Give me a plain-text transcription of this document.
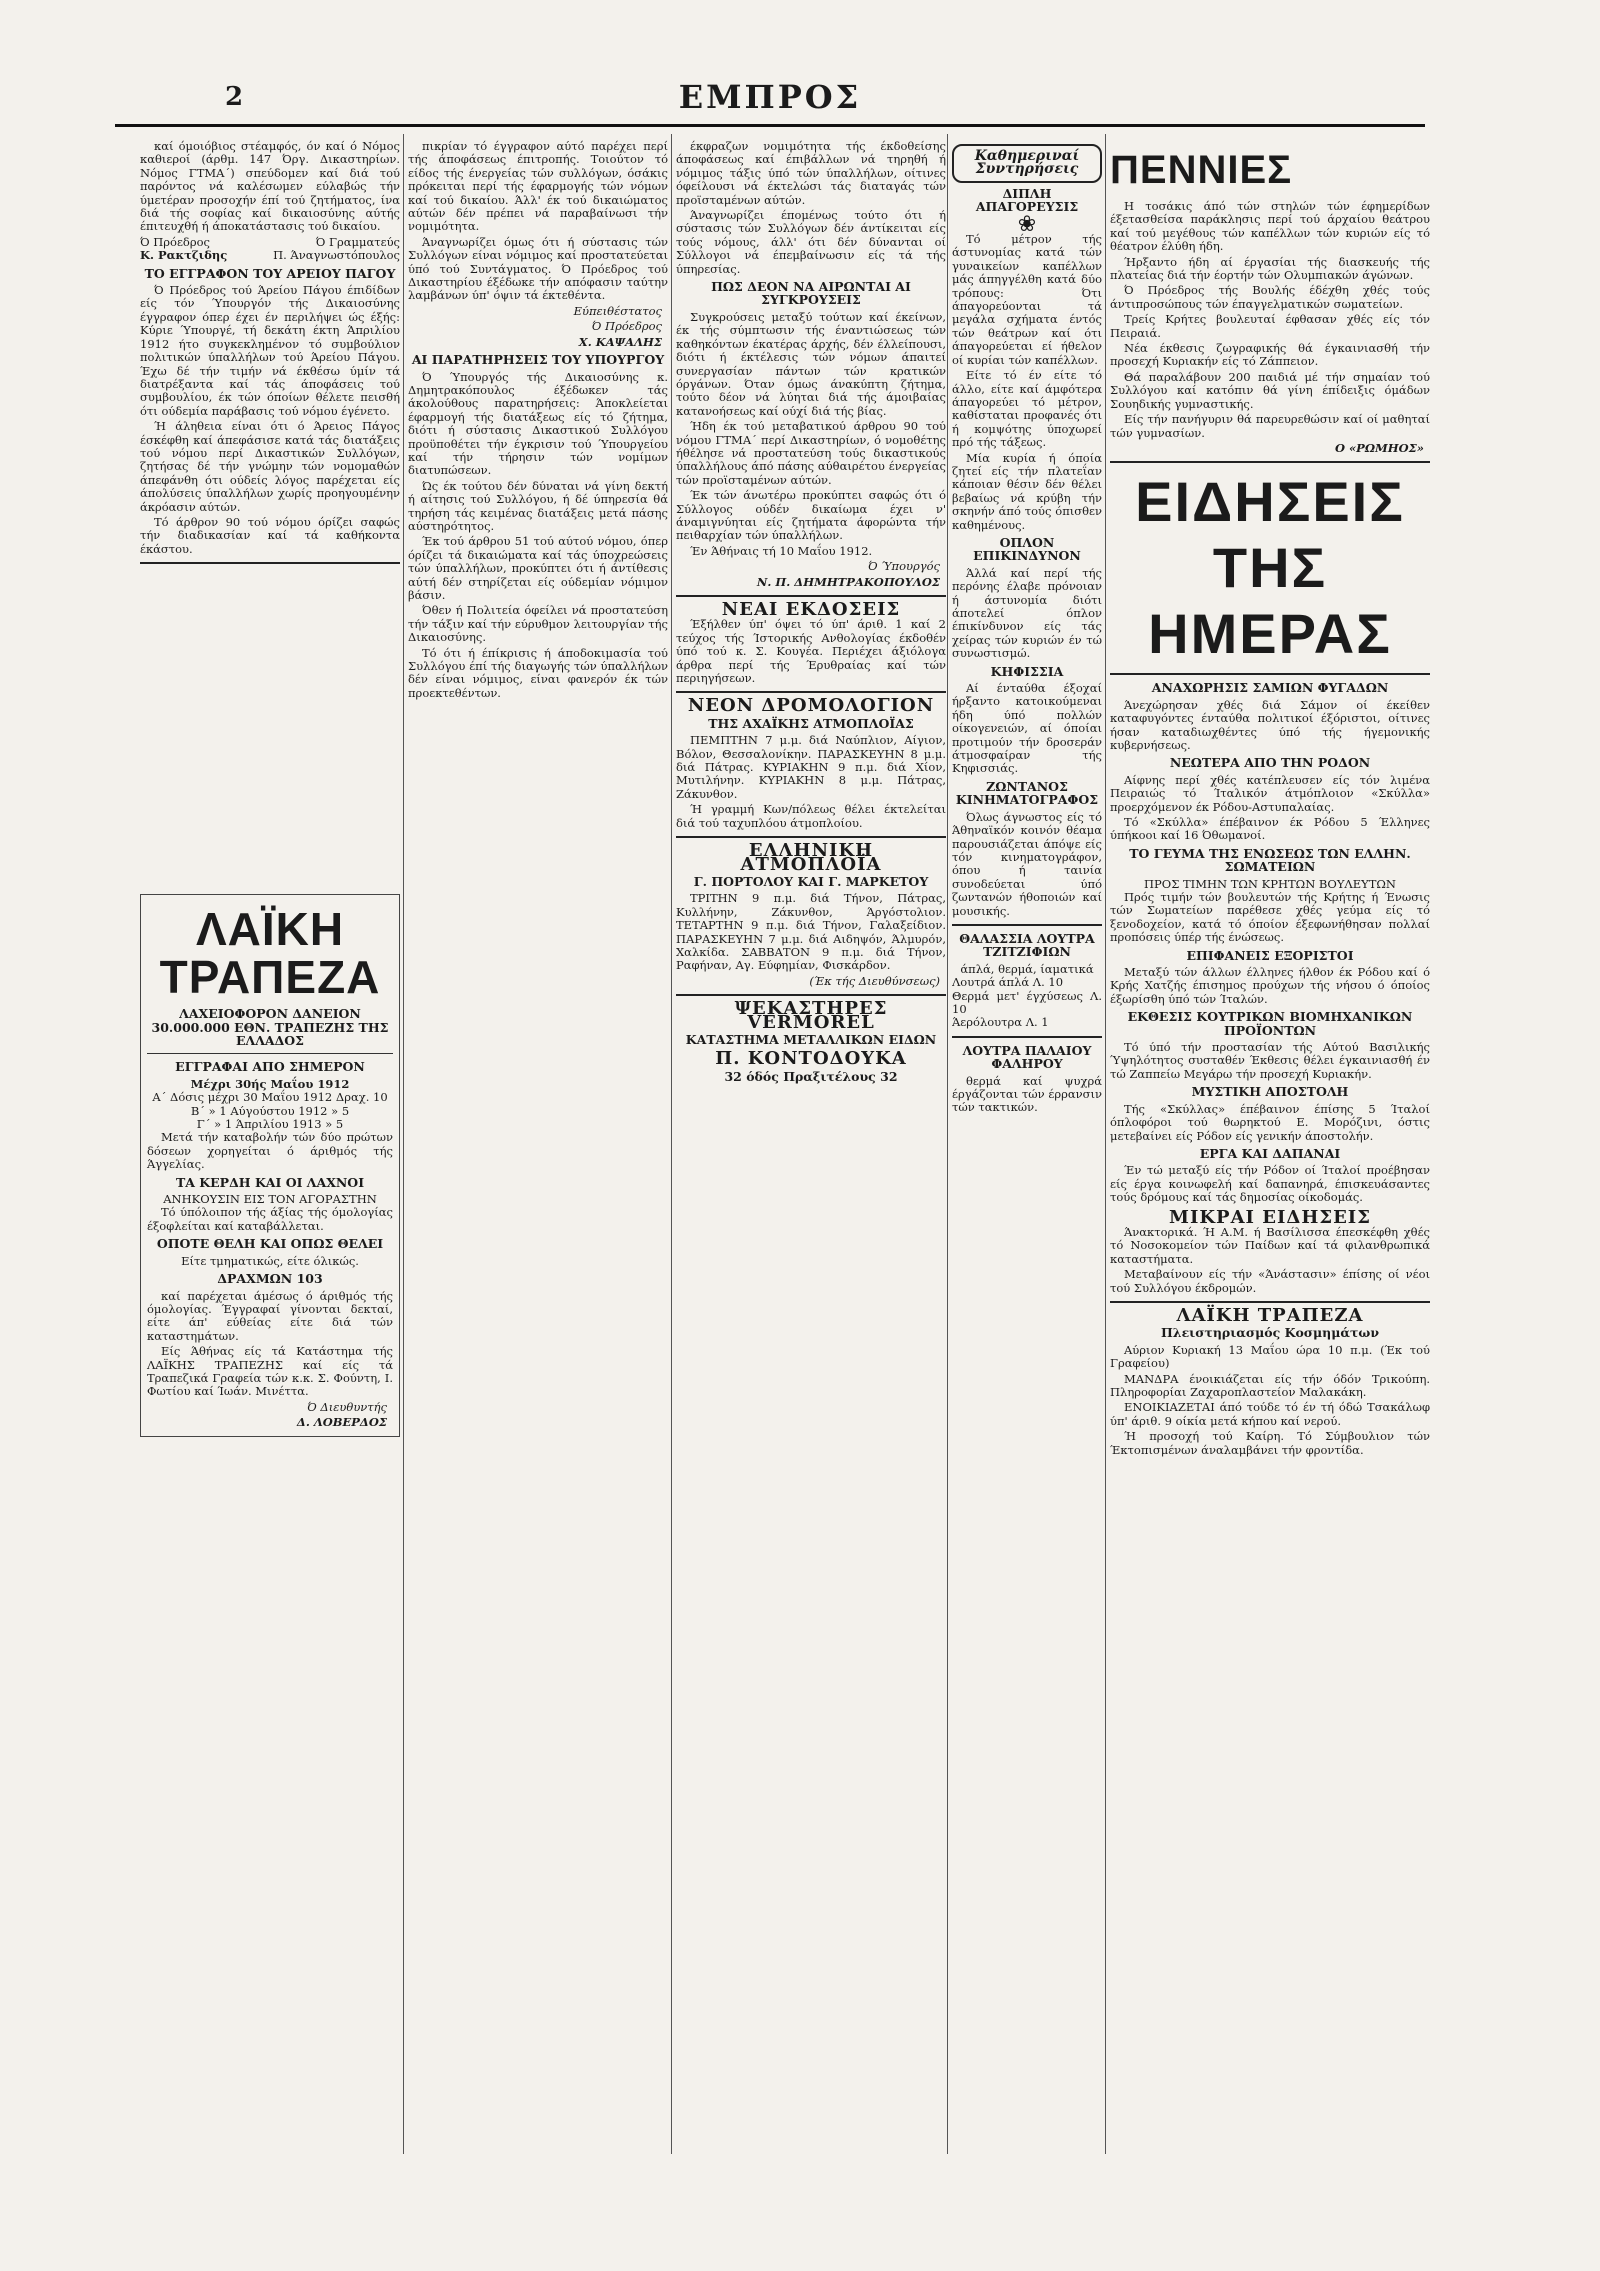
2	ΕΜΠΡΟΣ

καί όμοιόβιος στέαμφός, όν καί ό Νόμος καθιεροί (άρθμ. 147 Όργ. Δικαστηρίων. Νόμος ΓΤΜΑ΄) σπεύδομεν καί διά τού παρόντος νά καλέσωμεν εύλαβώς τήν ύμετέραν προσοχήν έπί τού ζητήματος, ίνα διά τής σοφίας καί δικαιοσύνης αύτής έπιτευχθή ή άποκατάστασις τού δικαίου.

Ό Πρόεδρος	Ό Γραμματεύς
Κ. Ρακτζιδης	Π. Άναγνωστόπουλος
ΤΟ ΕΓΓΡΑΦΟΝ ΤΟΥ ΑΡΕΙΟΥ ΠΑΓΟΥ

Ό Πρόεδρος τού Άρείου Πάγου έπιδίδων είς τόν Ύπουργόν τής Δικαιοσύνης έγγραφον όπερ έχει έν περιλήψει ώς έξής: Κύριε Ύπουργέ, τή δεκάτη έκτη Άπριλίου 1912 ήτο συγκεκλημένον τό συμβούλιον πολιτικών ύπαλλήλων τού Άρείου Πάγου. Έχω δέ τήν τιμήν νά έκθέσω ύμίν τά διατρέξαντα καί τάς άποφάσεις τού συμβουλίου, έκ τών όποίων θέλετε πεισθή ότι ούδεμία παράβασις τού νόμου έγένετο.

Ή άληθεια είναι ότι ό Άρειος Πάγος έσκέφθη καί άπεφάσισε κατά τάς διατάξεις τού νόμου περί Δικαστικών Συλλόγων, ζητήσας δέ τήν γνώμην τών νομομαθών άπεφάνθη ότι ούδείς λόγος παρέχεται είς άπολύσεις ύπαλλήλων χωρίς προηγουμένην άκρόασιν αύτών.

Τό άρθρον 90 τού νόμου όρίζει σαφώς τήν διαδικασίαν καί τά καθήκοντα έκάστου.

ΛΑΪΚΗ ΤΡΑΠΕΖΑ
ΛΑΧΕΙΟΦΟΡΟΝ ΔΑΝΕΙΟΝ 30.000.000 ΕΘΝ. ΤΡΑΠΕΖΗΣ ΤΗΣ ΕΛΛΑΔΟΣ
ΕΓΓΡΑΦΑΙ ΑΠΟ ΣΗΜΕΡΟΝ
Μέχρι 30ής Μαΐου 1912
Α΄ Δόσις μέχρι 30 Μαΐου 1912 Δραχ. 10
Β΄ » 1 Αύγούστου 1912 » 5
Γ΄ » 1 Άπριλίου 1913 » 5

Μετά τήν καταβολήν τών δύο πρώτων δόσεων χορηγείται ό άριθμός τής Άγγελίας.

ΤΑ ΚΕΡΔΗ ΚΑΙ ΟΙ ΛΑΧΝΟΙ
ΑΝΗΚΟΥΣΙΝ ΕΙΣ ΤΟΝ ΑΓΟΡΑΣΤΗΝ

Τό ύπόλοιπον τής άξίας τής όμολογίας έξοφλείται καί καταβάλλεται.

ΟΠΟΤΕ ΘΕΛΗ ΚΑΙ ΟΠΩΣ ΘΕΛΕΙ
Είτε τμηματικώς, είτε όλικώς.
ΔΡΑΧΜΩΝ 103

καί παρέχεται άμέσως ό άριθμός τής όμολογίας. Έγγραφαί γίνονται δεκταί, είτε άπ' εύθείας είτε διά τών καταστημάτων.

Είς Άθήνας είς τά Κατάστημα τής ΛΑΪΚΗΣ ΤΡΑΠΕΖΗΣ καί είς τά Τραπεζικά Γραφεία τών κ.κ. Σ. Φούντη, Ι. Φωτίου καί Ίωάν. Μινέττα.

Ό Διευθυντής
Δ. ΛΟΒΕΡΔΟΣ

πικρίαν τό έγγραφον αύτό παρέχει περί τής άποφάσεως έπιτροπής. Τοιούτον τό είδος τής ένεργείας τών συλλόγων, όσάκις πρόκειται περί τής έφαρμογής τών νόμων καί τού δικαίου. Άλλ' έκ τού δικαιώματος αύτών δέν πρέπει νά παραβαίνωσι τήν νομιμότητα.

Άναγνωρίζει όμως ότι ή σύστασις τών Συλλόγων είναι νόμιμος καί προστατεύεται ύπό τού Συντάγματος. Ό Πρόεδρος τού Δικαστηρίου έξέδωκε τήν απόφασιν ταύτην λαμβάνων ύπ' όψιν τά έκτεθέντα.

Εύπειθέστατος
Ό Πρόεδρος
Χ. ΚΑΨΑΛΗΣ
ΑΙ ΠΑΡΑΤΗΡΗΣΕΙΣ ΤΟΥ ΥΠΟΥΡΓΟΥ

Ό Ύπουργός τής Δικαιοσύνης κ. Δημητρακόπουλος έξέδωκεν τάς άκολούθους παρατηρήσεις: Άποκλείεται έφαρμογή τής διατάξεως είς τό ζήτημα, διότι ή σύστασις Δικαστικού Συλλόγου προϋποθέτει τήν έγκρισιν τού Ύπουργείου καί τήν τήρησιν τών νομίμων διατυπώσεων.

Ώς έκ τούτου δέν δύναται νά γίνη δεκτή ή αίτησις τού Συλλόγου, ή δέ ύπηρεσία θά τηρήση τάς κειμένας διατάξεις μετά πάσης αύστηρότητος.

Έκ τού άρθρου 51 τού αύτού νόμου, όπερ όρίζει τά δικαιώματα καί τάς ύποχρεώσεις τών ύπαλλήλων, προκύπτει ότι ή άντίθεσις αύτή δέν στηρίζεται είς ούδεμίαν νόμιμον βάσιν.

Όθεν ή Πολιτεία όφείλει νά προστατεύση τήν τάξιν καί τήν εύρυθμον λειτουργίαν τής Δικαιοσύνης.

Τό ότι ή έπίκρισις ή άποδοκιμασία τού Συλλόγου έπί τής διαγωγής τών ύπαλλήλων δέν είναι νόμιμος, είναι φανερόν έκ τών προεκτεθέντων.

έκφραζων νομιμότητα τής έκδοθείσης άποφάσεως καί έπιβάλλων νά τηρηθή ή νόμιμος τάξις ύπό τών ύπαλλήλων, οίτινες όφείλουσι νά έκτελώσι τάς διαταγάς τών προϊσταμένων αύτών.

Άναγνωρίζει έπομένως τούτο ότι ή σύστασις τών Συλλόγων δέν άντίκειται είς τούς νόμους, άλλ' ότι δέν δύνανται οί Σύλλογοι νά έπεμβαίνωσιν είς τά τής ύπηρεσίας.

ΠΩΣ ΔΕΟΝ ΝΑ ΑΙΡΩΝΤΑΙ ΑΙ ΣΥΓΚΡΟΥΣΕΙΣ

Συγκρούσεις μεταξύ τούτων καί έκείνων, έκ τής σύμπτωσιν τής έναντιώσεως τών καθηκόντων έκατέρας άρχής, δέν έλλείπουσι, διότι ή έκτέλεσις τών νόμων άπαιτεί συνεργασίαν πάντων τών κρατικών όργάνων. Όταν όμως άνακύπτη ζήτημα, τούτο δέον νά λύηται διά τής άμοιβαίας κατανοήσεως καί ούχί διά τής βίας.

Ήδη έκ τού μεταβατικού άρθρου 90 τού νόμου ΓΤΜΑ΄ περί Δικαστηρίων, ό νομοθέτης ήθέλησε νά προστατεύση τούς δικαστικούς ύπαλλήλους άπό πάσης αύθαιρέτου ένεργείας τών προϊσταμένων αύτών.

Έκ τών άνωτέρω προκύπτει σαφώς ότι ό Σύλλογος ούδέν δικαίωμα έχει ν' άναμιγνύηται είς ζητήματα άφορώντα τήν πειθαρχίαν τών ύπαλλήλων.

Έν Άθήναις τή 10 Μαΐου 1912.

Ό Ύπουργός
Ν. Π. ΔΗΜΗΤΡΑΚΟΠΟΥΛΟΣ
ΝΕΑΙ ΕΚΔΟΣΕΙΣ

Έξήλθεν ύπ' όψει τό ύπ' άριθ. 1 καί 2 τεύχος τής Ίστορικής Ανθολογίας έκδοθέν ύπό τού κ. Σ. Κουγέα. Περιέχει άξιόλογα άρθρα περί τής Έρυθραίας καί τών περιηγήσεων.

ΝΕΟΝ ΔΡΟΜΟΛΟΓΙΟΝ
ΤΗΣ ΑΧΑΪΚΗΣ ΑΤΜΟΠΛΟΪΑΣ

ΠΕΜΠΤΗΝ 7 μ.μ. διά Ναύπλιον, Αίγιον, Βόλον, Θεσσαλονίκην. ΠΑΡΑΣΚΕΥΗΝ 8 μ.μ. διά Πάτρας. ΚΥΡΙΑΚΗΝ 9 π.μ. διά Χίον, Μυτιλήνην. ΚΥΡΙΑΚΗΝ 8 μ.μ. Πάτρας, Ζάκυνθον.

Ή γραμμή Κων/πόλεως θέλει έκτελείται διά τού ταχυπλόου άτμοπλοίου.

ΕΛΛΗΝΙΚΗ ΑΤΜΟΠΛΟΪΑ
Γ. ΠΟΡΤΟΛΟΥ ΚΑΙ Γ. ΜΑΡΚΕΤΟΥ

ΤΡΙΤΗΝ 9 π.μ. διά Τήνον, Πάτρας, Κυλλήνην, Ζάκυνθον, Άργόστολιον. ΤΕΤΑΡΤΗΝ 9 π.μ. διά Τήνον, Γαλαξείδιον. ΠΑΡΑΣΚΕΥΗΝ 7 μ.μ. διά Αιδηψόν, Άλμυρόν, Χαλκίδα. ΣΑΒΒΑΤΟΝ 9 π.μ. διά Τήνον, Ραφήναν, Αγ. Εύφημίαν, Φισκάρδον.

(Έκ τής Διευθύνσεως)
ΨΕΚΑΣΤΗΡΕΣ VERMOREL
ΚΑΤΑΣΤΗΜΑ ΜΕΤΑΛΛΙΚΩΝ ΕΙΔΩΝ
Π. ΚΟΝΤΟΔΟΥΚΑ
32 όδός Πραξιτέλους 32
Καθημεριναί Συντηρήσεις
ΔΙΠΛΗ ΑΠΑΓΟΡΕΥΣΙΣ
❀

Τό μέτρον τής άστυνομίας κατά τών γυναικείων καπέλλων μάς άπηγγέλθη κατά δύο τρόπους: Ότι άπαγορεύονται τά μεγάλα σχήματα έντός τών θεάτρων καί ότι άπαγορεύεται εί ήθελον οί κυρίαι τών καπέλλων.

Είτε τό έν είτε τό άλλο, είτε καί άμφότερα άπαγορεύει τό μέτρον, καθίσταται προφανές ότι ή κομψότης ύποχωρεί πρό τής τάξεως.

Μία κυρία ή όποία ζητεί είς τήν πλατεΐαν κάποιαν θέσιν δέν θέλει βεβαίως νά κρύβη τήν σκηνήν άπό τούς όπισθεν καθημένους.

ΟΠΛΟΝ ΕΠΙΚΙΝΔΥΝΟΝ

Άλλά καί περί τής περόνης έλαβε πρόνοιαν ή άστυνομία διότι άποτελεί όπλον έπικίνδυνον είς τάς χείρας τών κυριών έν τώ συνωστισμώ.

ΚΗΦΙΣΣΙΑ

Αί ένταύθα έξοχαί ήρξαντο κατοικούμεναι ήδη ύπό πολλών οίκογενειών, αί όποίαι προτιμούν τήν δροσεράν άτμοσφαίραν τής Κηφισσιάς.

ΖΩΝΤΑΝΟΣ ΚΙΝΗΜΑΤΟΓΡΑΦΟΣ

Όλως άγνωστος είς τό Άθηναϊκόν κοινόν θέαμα παρουσιάζεται άπόψε είς τόν κινηματογράφον, όπου ή ταινία συνοδεύεται ύπό ζωντανών ήθοποιών καί μουσικής.

ΘΑΛΑΣΣΙΑ ΛΟΥΤΡΑ ΤΖΙΤΖΙΦΙΩΝ
άπλά, θερμά, ίαματικά
Λουτρά άπλά Λ. 10
Θερμά μετ' έγχύσεως Λ. 10
Άερόλουτρα Λ. 1
ΛΟΥΤΡΑ ΠΑΛΑΙΟΥ ΦΑΛΗΡΟΥ

θερμά καί ψυχρά έργάζονται τών έρρανσιν τών τακτικών.

ΠΕΝΝΙΕΣ

Η τοσάκις άπό τών στηλών τών έφημερίδων έξετασθείσα παράκλησις περί τού άρχαίου θεάτρου καί τού μεγέθους τών καπέλλων τών κυριών είς τό θέατρον έλύθη ήδη.

Ήρξαντο ήδη αί έργασίαι τής διασκευής τής πλατείας διά τήν έορτήν τών Ολυμπιακών άγώνων.

Ό Πρόεδρος τής Βουλής έδέχθη χθές τούς άντιπροσώπους τών έπαγγελματικών σωματείων.

Τρείς Κρήτες βουλευταί έφθασαν χθές είς τόν Πειραιά.

Νέα έκθεσις ζωγραφικής θά έγκαινιασθή τήν προσεχή Κυριακήν είς τό Ζάππειον.

Θά παραλάβουν 200 παιδιά μέ τήν σημαίαν τού Συλλόγου καί κατόπιν θά γίνη έπίδειξις όμάδων Σουηδικής γυμναστικής.

Είς τήν πανήγυριν θά παρευρεθώσιν καί οί μαθηταί τών γυμνασίων.

Ο «ΡΩΜΗΟΣ»
ΕΙΔΗΣΕΙΣ ΤΗΣ ΗΜΕΡΑΣ
ΑΝΑΧΩΡΗΣΙΣ ΣΑΜΙΩΝ ΦΥΓΑΔΩΝ

Άνεχώρησαν χθές διά Σάμον οί έκείθεν καταφυγόντες ένταύθα πολιτικοί έξόριστοι, οίτινες ήσαν καταδιωχθέντες ύπό τής ήγεμονικής κυβερνήσεως.

ΝΕΩΤΕΡΑ ΑΠΟ ΤΗΝ ΡΟΔΟΝ

Αίφνης περί χθές κατέπλευσεν είς τόν λιμένα Πειραιώς τό Ίταλικόν άτμόπλοιον «Σκύλλα» προερχόμενον έκ Ρόδου-Αστυπαλαίας.

Τό «Σκύλλα» έπέβαινον έκ Ρόδου 5 Έλληνες ύπήκοοι καί 16 Όθωμανοί.

ΤΟ ΓΕΥΜΑ ΤΗΣ ΕΝΩΣΕΩΣ ΤΩΝ ΕΛΛΗΝ. ΣΩΜΑΤΕΙΩΝ
ΠΡΟΣ ΤΙΜΗΝ ΤΩΝ ΚΡΗΤΩΝ ΒΟΥΛΕΥΤΩΝ

Πρός τιμήν τών βουλευτών τής Κρήτης ή Ένωσις τών Σωματείων παρέθεσε χθές γεύμα είς τό ξενοδοχείον, κατά τό όποίον έξεφωνήθησαν πολλαί προπόσεις ύπέρ τής ένώσεως.

ΕΠΙΦΑΝΕΙΣ ΕΞΟΡΙΣΤΟΙ

Μεταξύ τών άλλων έλληνες ήλθον έκ Ρόδου καί ό Κρής Χατζής έπισημος προύχων τής νήσου ό όποίος έξωρίσθη ύπό τών Ίταλών.

ΕΚΘΕΣΙΣ ΚΟΥΤΡΙΚΩΝ ΒΙΟΜΗΧΑΝΙΚΩΝ ΠΡΟΪΟΝΤΩΝ

Τό ύπό τήν προστασίαν τής Αύτού Βασιλικής Ύψηλότητος συσταθέν Έκθεσις θέλει έγκαινιασθή έν τώ Ζαππείω Μεγάρω τήν προσεχή Κυριακήν.

ΜΥΣΤΙΚΗ ΑΠΟΣΤΟΛΗ

Τής «Σκύλλας» έπέβαινον έπίσης 5 Ίταλοί όπλοφόροι τού θωρηκτού Ε. Μορόζινι, όστις μετεβαίνει είς Ρόδον είς γενικήν άποστολήν.

ΕΡΓΑ ΚΑΙ ΔΑΠΑΝΑΙ

Έν τώ μεταξύ είς τήν Ρόδον οί Ίταλοί προέβησαν είς έργα κοινωφελή καί δαπανηρά, έπισκευάσαντες τούς δρόμους καί τάς δημοσίας οίκοδομάς.

ΜΙΚΡΑΙ ΕΙΔΗΣΕΙΣ

Άνακτορικά. Ή Α.Μ. ή Βασίλισσα έπεσκέφθη χθές τό Νοσοκομείον τών Παίδων καί τά φιλανθρωπικά καταστήματα.

Μεταβαίνουν είς τήν «Άνάστασιν» έπίσης οί νέοι τού Συλλόγου έκδρομών.

ΛΑΪΚΗ ΤΡΑΠΕΖΑ
Πλειστηριασμός Κοσμημάτων

Αύριον Κυριακή 13 Μαΐου ώρα 10 π.μ. (Έκ τού Γραφείου)

ΜΑΝΔΡΑ ένοικιάζεται είς τήν όδόν Τρικούπη. Πληροφορίαι Ζαχαροπλαστείον Μαλακάκη.

ΕΝΟΙΚΙΑΖΕΤΑΙ άπό τούδε τό έν τή όδώ Τσακάλωφ ύπ' άριθ. 9 οίκία μετά κήπου καί νερού.

Ή προσοχή τού Καίρη. Τό Σύμβουλιον τών Έκτοπισμένων άναλαμβάνει τήν φροντίδα.
